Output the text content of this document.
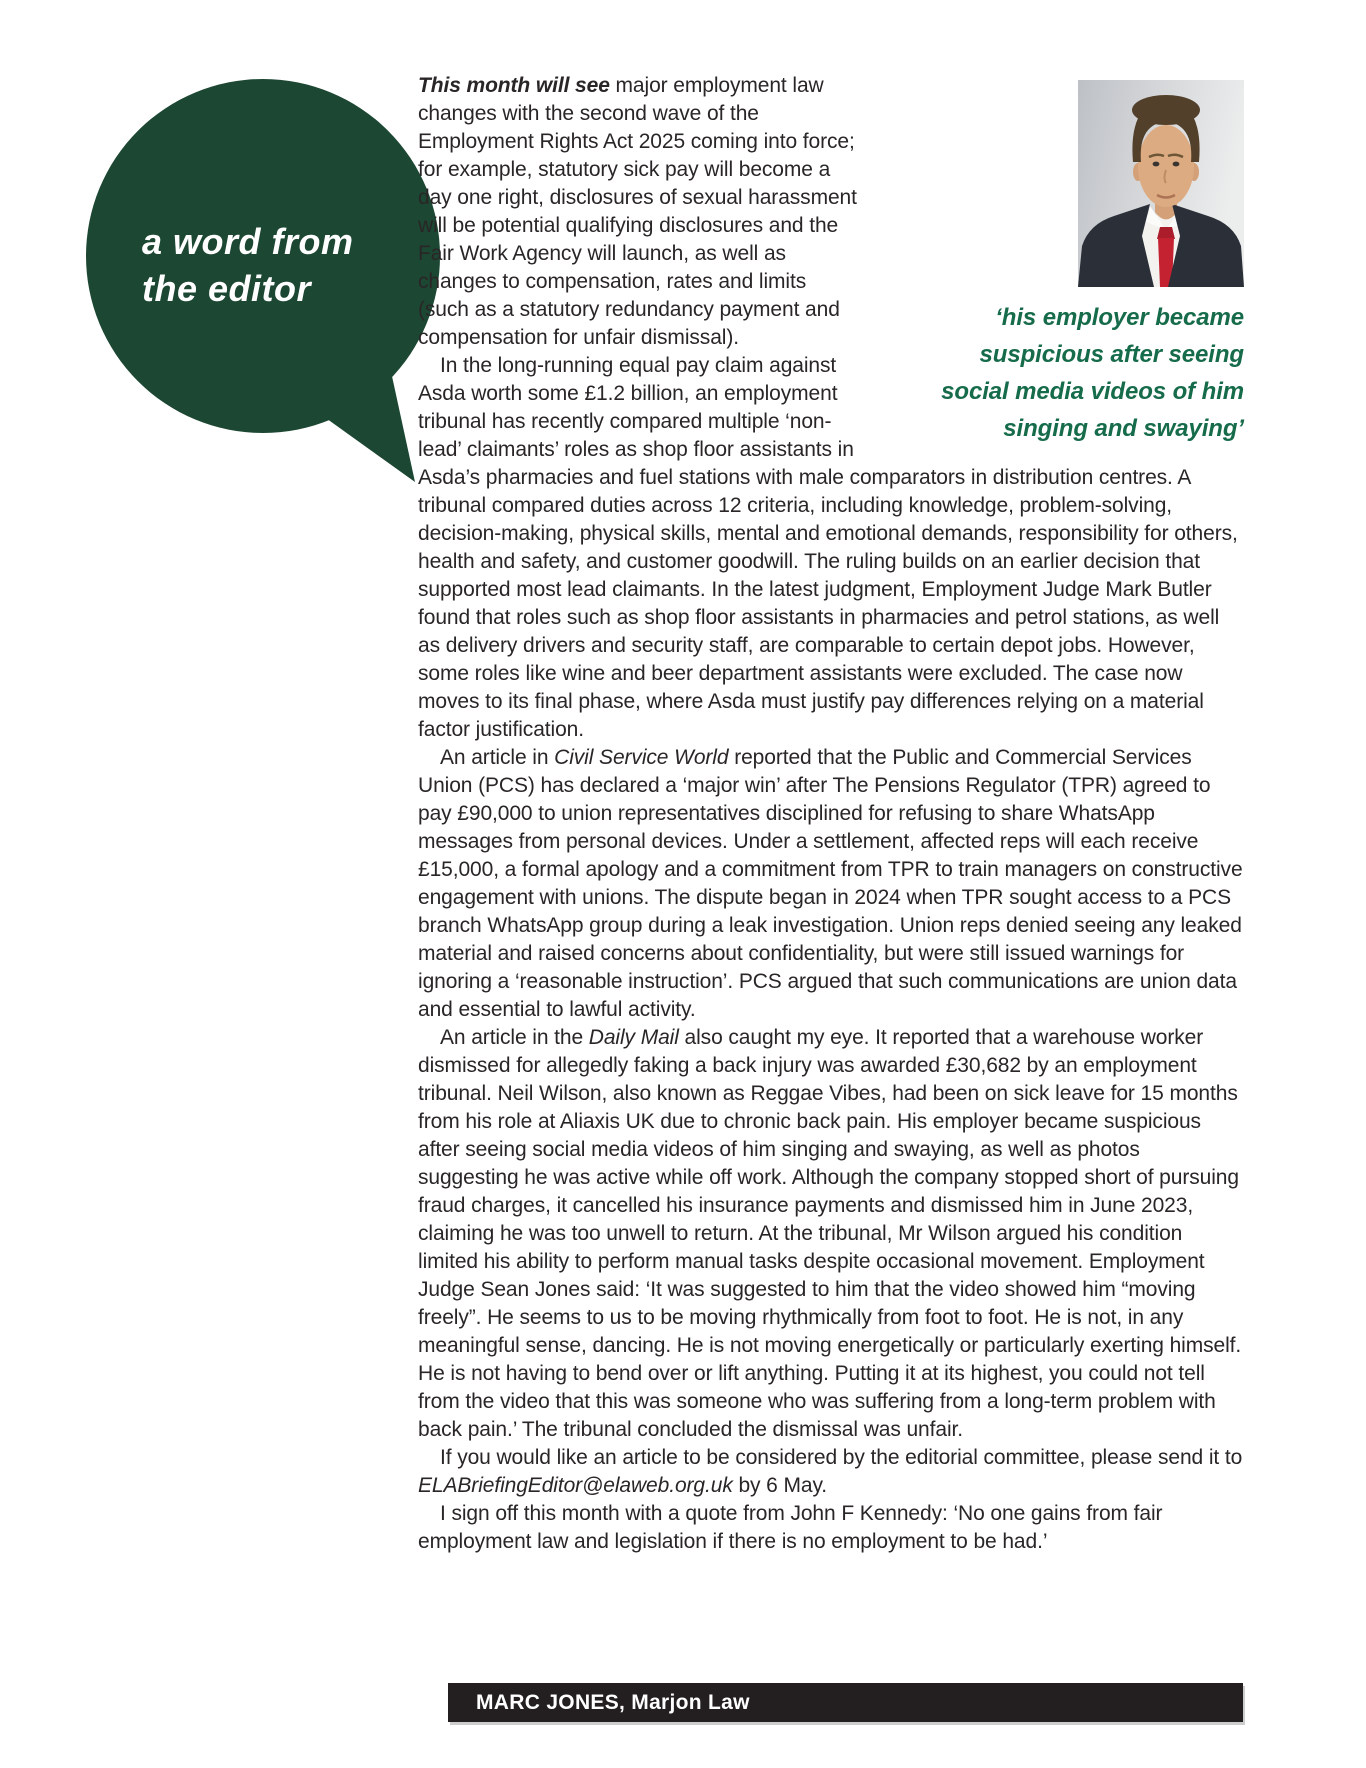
a word from
the editor
‘his employer became suspicious after seeing social media videos of him singing and swaying’

This month will see major employment law changes with the second wave of the Employment Rights Act 2025 coming into force; for example, statutory sick pay will become a day one right, disclosures of sexual harassment will be potential qualifying disclosures and the Fair Work Agency will launch, as well as changes to compensation, rates and limits (such as a statutory redundancy payment and compensation for unfair dismissal).

In the long-running equal pay claim against Asda worth some £1.2 billion, an employment tribunal has recently compared multiple ‘non-lead’ claimants’ roles as shop floor assistants in Asda’s pharmacies and fuel stations with male comparators in distribution centres. A tribunal compared duties across 12 criteria, including knowledge, problem-solving, decision-making, physical skills, mental and emotional demands, responsibility for others, health and safety, and customer goodwill. The ruling builds on an earlier decision that supported most lead claimants. In the latest judgment, Employment Judge Mark Butler found that roles such as shop floor assistants in pharmacies and petrol stations, as well as delivery drivers and security staff, are comparable to certain depot jobs. However, some roles like wine and beer department assistants were excluded. The case now moves to its final phase, where Asda must justify pay differences relying on a material factor justification.

An article in Civil Service World reported that the Public and Commercial Services Union (PCS) has declared a ‘major win’ after The Pensions Regulator (TPR) agreed to pay £90,000 to union representatives disciplined for refusing to share WhatsApp messages from personal devices. Under a settlement, affected reps will each receive £15,000, a formal apology and a commitment from TPR to train managers on constructive engagement with unions. The dispute began in 2024 when TPR sought access to a PCS branch WhatsApp group during a leak investigation. Union reps denied seeing any leaked material and raised concerns about confidentiality, but were still issued warnings for ignoring a ‘reasonable instruction’. PCS argued that such communications are union data and essential to lawful activity.

An article in the Daily Mail also caught my eye. It reported that a warehouse worker dismissed for allegedly faking a back injury was awarded £30,682 by an employment tribunal. Neil Wilson, also known as Reggae Vibes, had been on sick leave for 15 months from his role at Aliaxis UK due to chronic back pain. His employer became suspicious after seeing social media videos of him singing and swaying, as well as photos suggesting he was active while off work. Although the company stopped short of pursuing fraud charges, it cancelled his insurance payments and dismissed him in June 2023, claiming he was too unwell to return. At the tribunal, Mr Wilson argued his condition limited his ability to perform manual tasks despite occasional movement. Employment Judge Sean Jones said: ‘It was suggested to him that the video showed him “moving freely”. He seems to us to be moving rhythmically from foot to foot. He is not, in any meaningful sense, dancing. He is not moving energetically or particularly exerting himself. He is not having to bend over or lift anything. Putting it at its highest, you could not tell from the video that this was someone who was suffering from a long-term problem with back pain.’ The tribunal concluded the dismissal was unfair.

If you would like an article to be considered by the editorial committee, please send it to ELABriefingEditor@elaweb.org.uk by 6 May.

I sign off this month with a quote from John F Kennedy: ‘No one gains from fair employment law and legislation if there is no employment to be had.’

MARC JONES, Marjon Law
